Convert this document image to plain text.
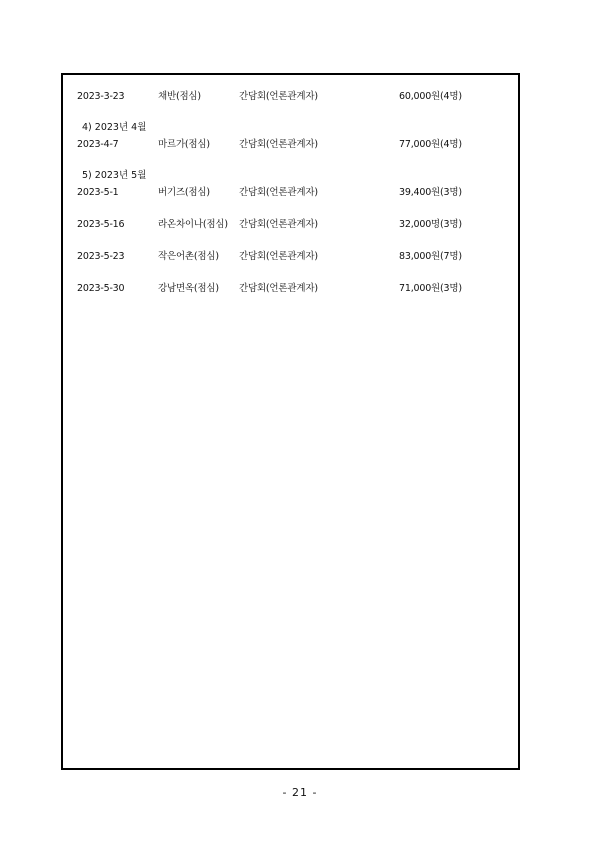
2023-3-23	채반(점심)	간담회(언론관계자)	60,000원(4명)
4) 2023년 4월
2023-4-7	마르가(점심)	간담회(언론관계자)	77,000원(4명)
5) 2023년 5월
2023-5-1	버기즈(점심)	간담회(언론관계자)	39,400원(3명)
2023-5-16	라온차이나(점심) 간담회(언론관계자)	32,000명(3명)
2023-5-23	작은어촌(점심) 간담회(언론관계자)	83,000원(7명)
2023-5-30	강남면옥(점심) 간담회(언론관계자)	71,000원(3명)
- 21 -
